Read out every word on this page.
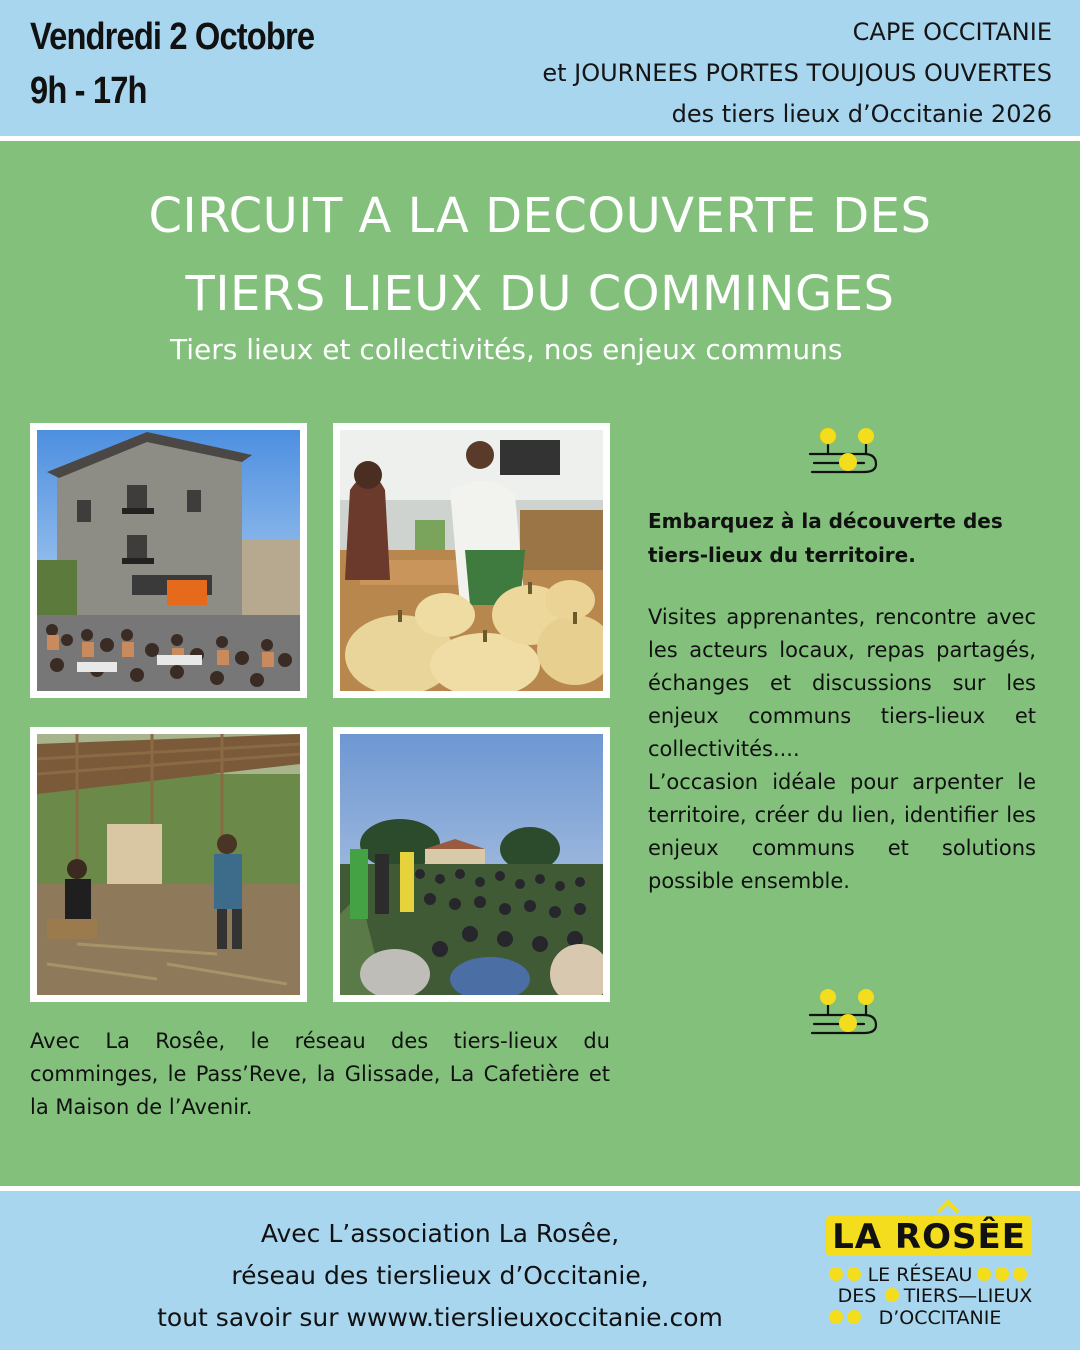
Vendredi 2 Octobre
9h - 17h
CAPE OCCITANIE
et JOURNEES PORTES TOUJOUS OUVERTES
des tiers lieux d’Occitanie 2026
CIRCUIT A LA DECOUVERTE DES
TIERS LIEUX DU COMMINGES
Tiers lieux et collectivités, nos enjeux communs
Embarquez à la découverte des tiers-lieux du territoire.
Visites apprenantes, rencontre avec les acteurs locaux, repas partagés, échanges et discussions sur les enjeux communs tiers-lieux et collectivités....
L’occasion idéale pour arpenter le territoire, créer du lien, identifier les enjeux communs et solutions possible ensemble.
Avec La Rosêe, le réseau des tiers-lieux du comminges, le Pass’Reve, la Glissade, La Cafetière et la Maison de l’Avenir.
Avec L’association La Rosêe,
réseau des tierslieux d’Occitanie,
tout savoir sur wwww.tierslieuxoccitanie.com
LA ROSÊE
LE RÉSEAU
DES TIERS—LIEUX
D’OCCITANIE
